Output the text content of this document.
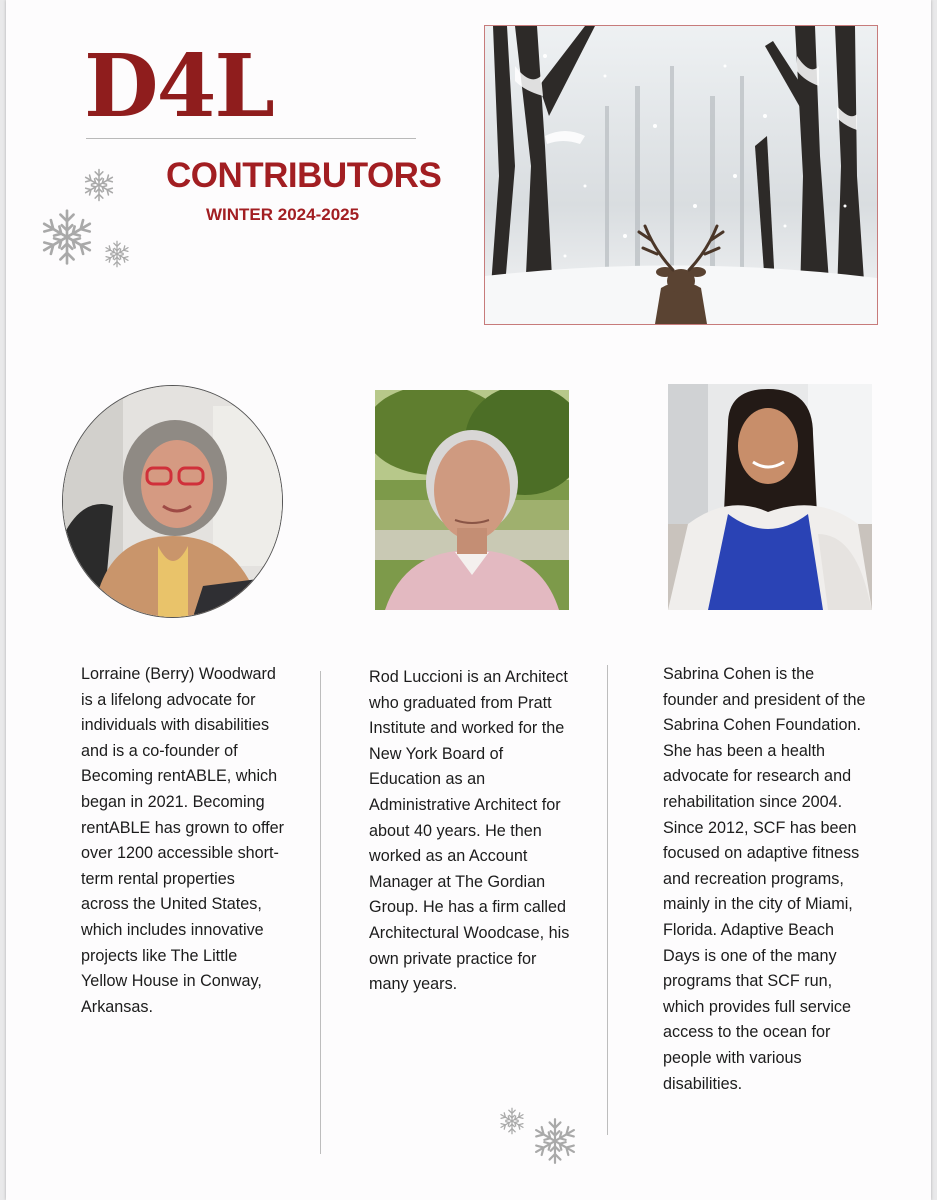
D4L
CONTRIBUTORS
WINTER 2024-2025
Lorraine (Berry) Woodward is a lifelong advocate for individuals with disabilities and is a co-founder of Becoming rentABLE, which began in 2021. Becoming rentABLE has grown to offer over 1200 accessible short-term rental properties across the United States, which includes innovative projects like The Little Yellow House in Conway, Arkansas.
Rod Luccioni is an Architect who graduated from Pratt Institute and worked for the New York Board of Education as an Administrative Architect for about 40 years. He then worked as an Account Manager at The Gordian Group. He has a firm called Architectural Woodcase, his own private practice for many years.
Sabrina Cohen is the founder and president of the Sabrina Cohen Foundation. She has been a health advocate for research and rehabilitation since 2004. Since 2012, SCF has been focused on adaptive fitness and recreation programs, mainly in the city of Miami, Florida. Adaptive Beach Days is one of the many programs that SCF run, which provides full service access to the ocean for people with various disabilities.
